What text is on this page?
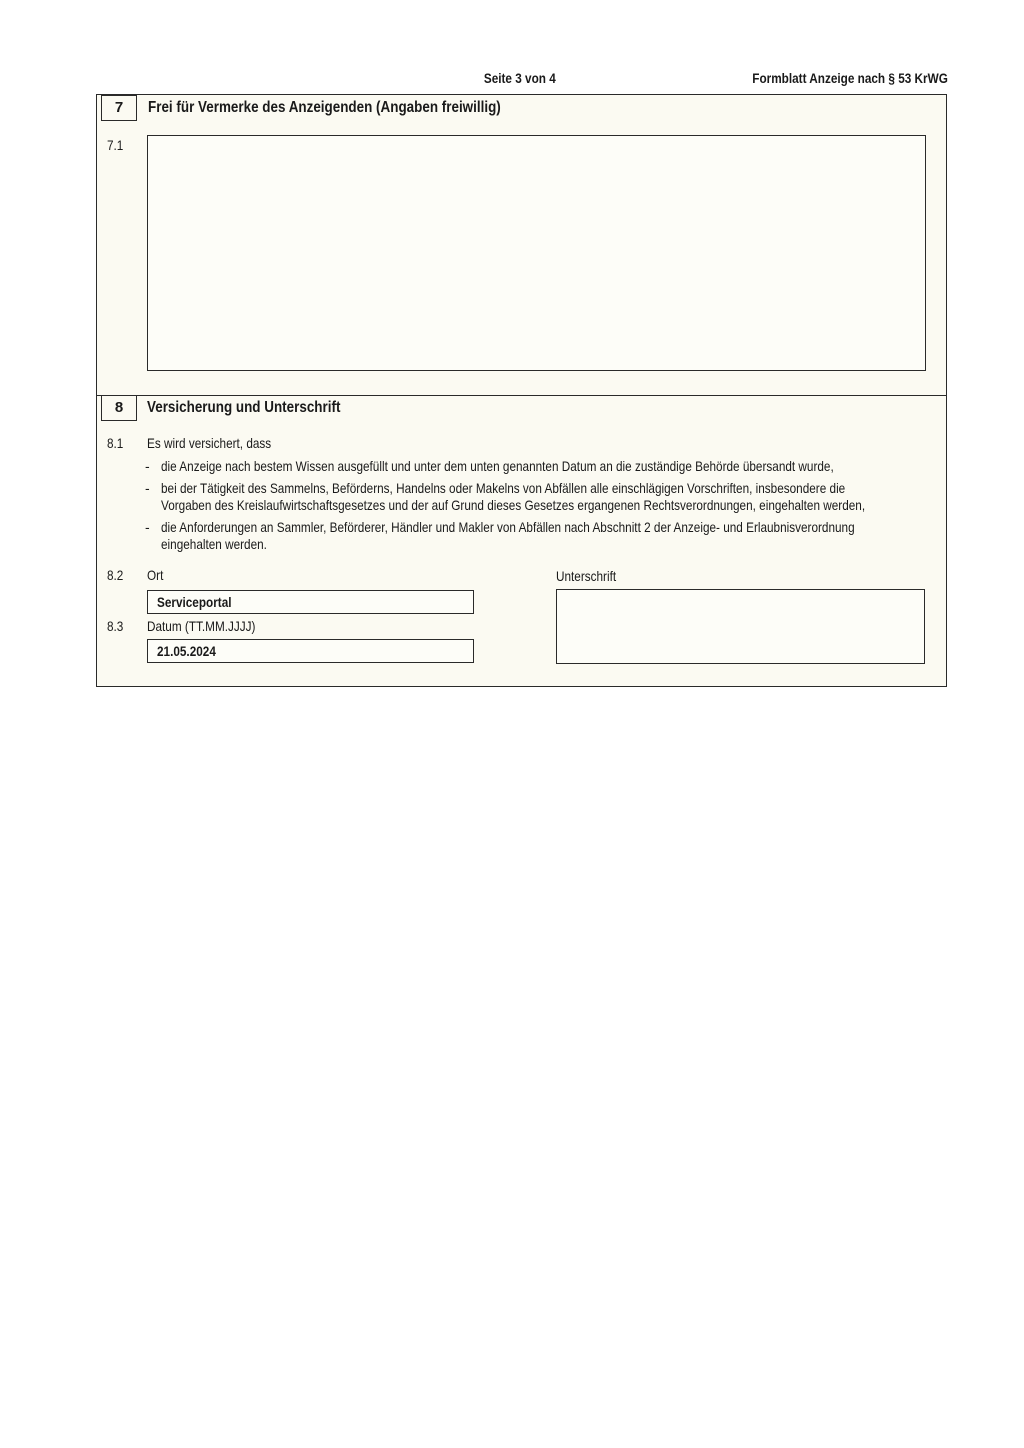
Seite 3 von 4	Formblatt Anzeige nach § 53 KrWG
7	Frei für Vermerke des Anzeigenden (Angaben freiwillig)
7.1
8	Versicherung und Unterschrift
8.1 Es wird versichert, dass
- die Anzeige nach bestem Wissen ausgefüllt und unter dem unten genannten Datum an die zuständige Behörde übersandt wurde,
- bei der Tätigkeit des Sammelns, Beförderns, Handelns oder Makelns von Abfällen alle einschlägigen Vorschriften, insbesondere die
Vorgaben des Kreislaufwirtschaftsgesetzes und der auf Grund dieses Gesetzes ergangenen Rechtsverordnungen, eingehalten werden,
- die Anforderungen an Sammler, Beförderer, Händler und Makler von Abfällen nach Abschnitt 2 der Anzeige- und Erlaubnisverordnung
eingehalten werden.
8.2 Ort
Serviceportal
8.3 Datum (TT.MM.JJJJ)
21.05.2024
Unterschrift
